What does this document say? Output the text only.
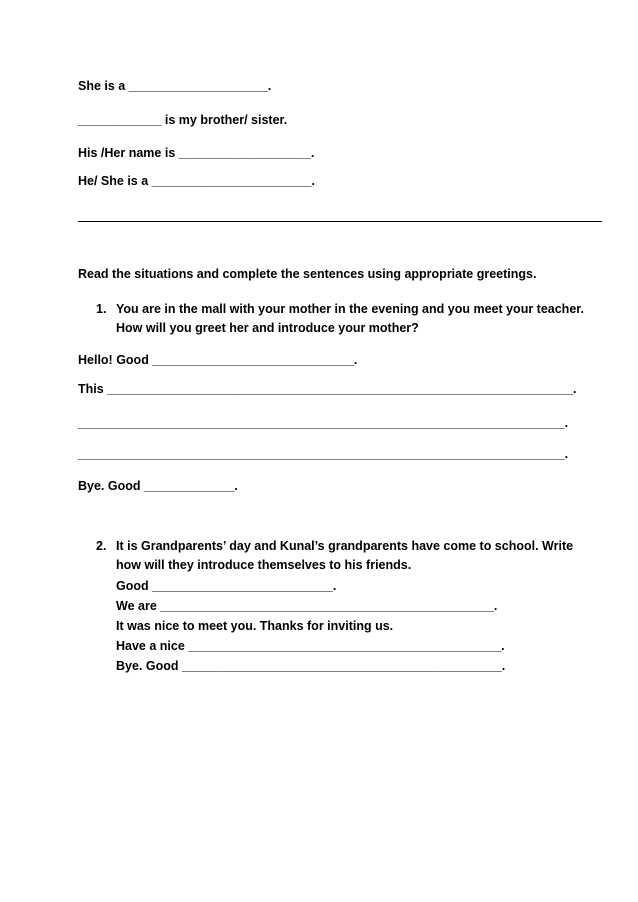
She is a ____________________.
____________ is my brother/ sister.
His /Her name is ___________________.
He/ She is a _______________________.
Read the situations and complete the sentences using appropriate greetings.
1. You are in the mall with your mother in the evening and you meet your teacher.
How will you greet her and introduce your mother?
Hello! Good _____________________________.
This ___________________________________________________________________.
______________________________________________________________________.
______________________________________________________________________.
Bye. Good _____________.
2. It is Grandparents’ day and Kunal’s grandparents have come to school. Write
how will they introduce themselves to his friends.
Good __________________________.
We are ________________________________________________.
It was nice to meet you. Thanks for inviting us.
Have a nice _____________________________________________.
Bye. Good ______________________________________________.
